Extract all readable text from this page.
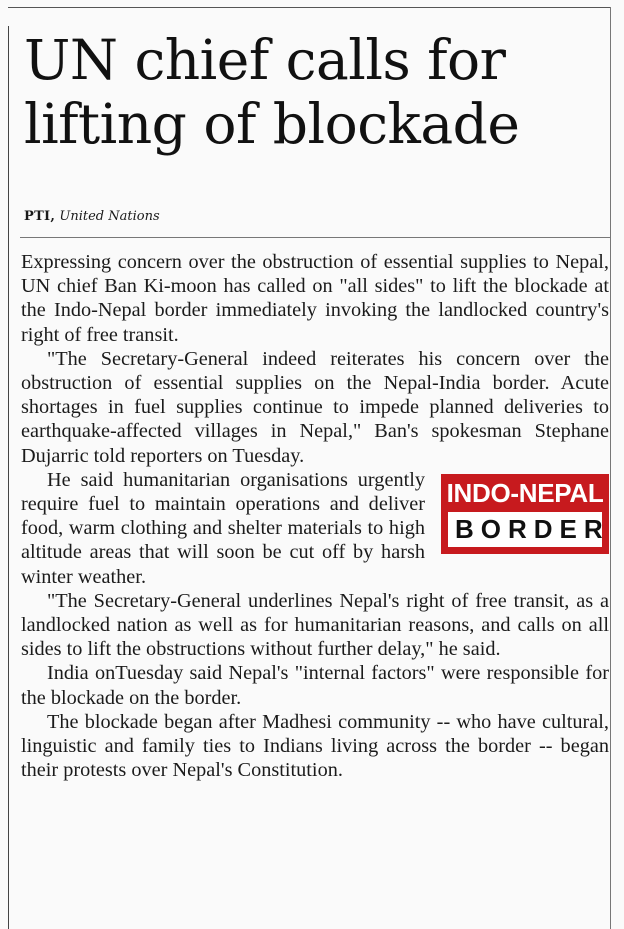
UN chief calls for lifting of blockade
PTI, United Nations

Expressing concern over the obstruction of essential supplies to Nepal, UN chief Ban Ki-moon has called on "all sides" to lift the blockade at the Indo-Nepal border immediately invoking the landlocked country's right of free transit.

"The Secretary-General indeed reiterates his concern over the obstruction of essential supplies on the Nepal-India border. Acute shortages in fuel supplies continue to impede planned deliveries to earthquake-affected villages in Nepal," Ban's spokesman Stephane Dujarric told reporters on Tuesday.

INDO-NEPAL
BORDER

He said humanitarian organisations urgently require fuel to maintain operations and deliver food, warm clothing and shelter materials to high altitude areas that will soon be cut off by harsh winter weather.

"The Secretary-General underlines Nepal's right of free transit, as a landlocked nation as well as for humanitarian reasons, and calls on all sides to lift the obstructions without further delay," he said.

India onTuesday said Nepal's "internal factors" were responsible for the blockade on the border.

The blockade began after Madhesi community -- who have cultural, linguistic and family ties to Indians living across the border -- began their protests over Nepal's Constitution.
